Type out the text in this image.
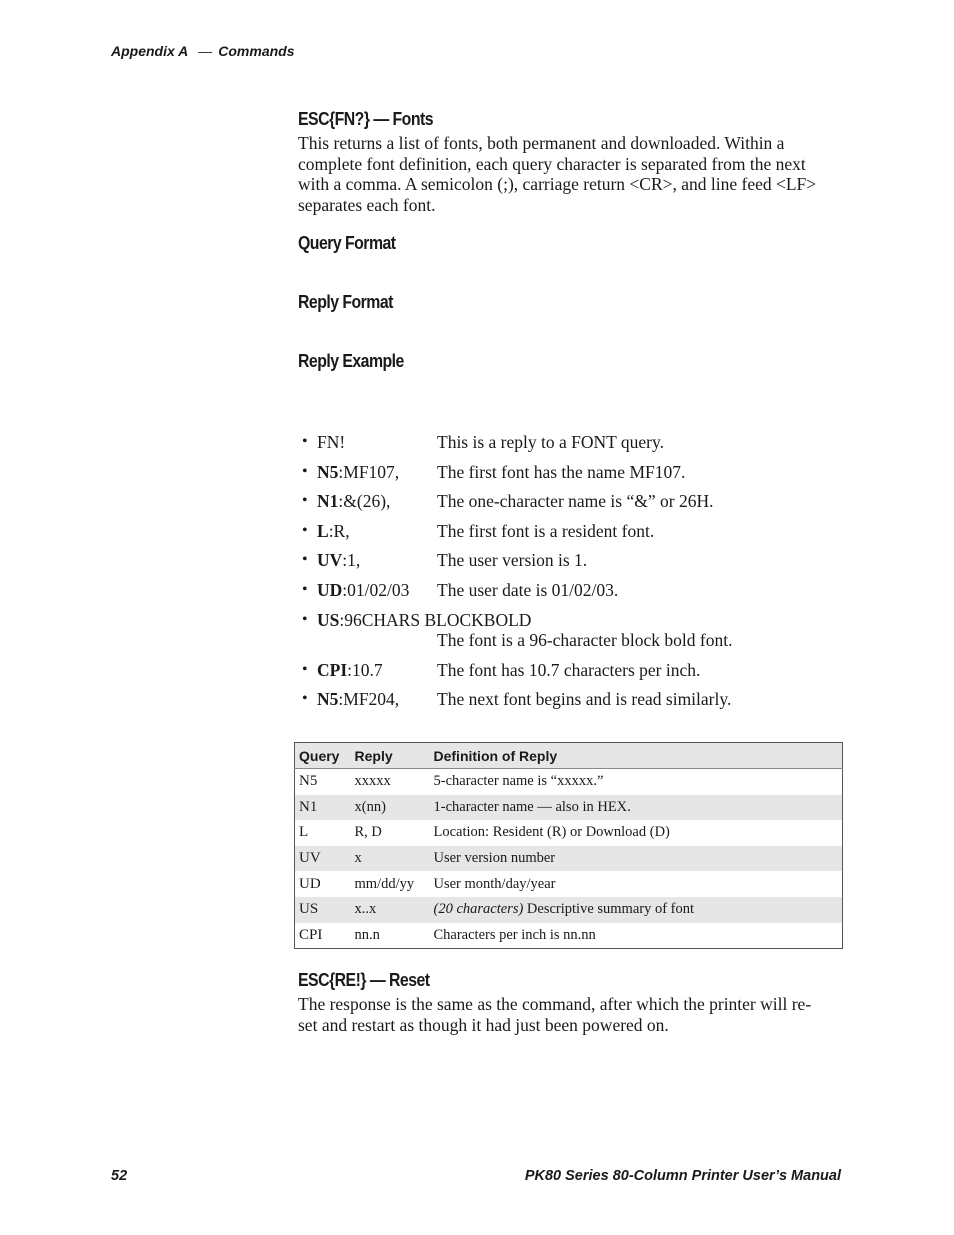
Appendix A — Commands
ESC{FN?} — Fonts
This returns a list of fonts, both permanent and downloaded. Within a complete font definition, each query character is separated from the next with a comma. A semicolon (;), carriage return <CR>, and line feed <LF> separates each font.
Query Format
Reply Format
Reply Example
• FN!	This is a reply to a FONT query.
• N5:MF107, The first font has the name MF107.
• N1:&(26),	The one-character name is “&” or 26H.
• L:R,	The first font is a resident font.
• UV:1,	The user version is 1.
• UD:01/02/03 The user date is 01/02/03.
• US:96CHARS BLOCKBOLD
The font is a 96-character block bold font.
• CPI:10.7	The font has 10.7 characters per inch.
• N5:MF204, The next font begins and is read similarly.
Query	Reply	Definition of Reply
N5	xxxxx	5-character name is “xxxxx.”
N1	x(nn)	1-character name — also in HEX.
L	R, D	Location: Resident (R) or Download (D)
UV	x	User version number
UD	mm/dd/yy	User month/day/year
US	x..x	(20 characters) Descriptive summary of font
CPI	nn.n	Characters per inch is nn.nn
ESC{RE!} — Reset
The response is the same as the command, after which the printer will re-
set and restart as though it had just been powered on.
52	PK80 Series 80-Column Printer User’s Manual
